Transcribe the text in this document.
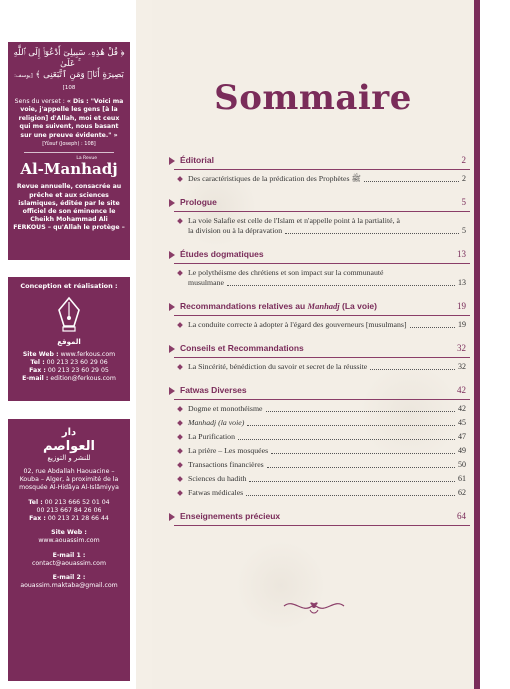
﴿ قُلْ هَٰذِهِۦ سَبِيلِىٓ أَدْعُوٓا۟ إِلَى ٱللَّهِ ۚ عَلَىٰ
بَصِيرَةٍ أَنَا۠ وَمَنِ ٱتَّبَعَنِى ﴾ [يوسف: 108]
Sens du verset : « Dis : "Voici ma voie, j'appelle les gens [à la religion] d'Allah, moi et ceux qui me suivent, nous basant sur une preuve évidente." » [Yûsuf (Joseph) : 108]
La Revue
Al-Manhadj
Revue annuelle, consacrée au prêche et aux sciences islamiques, éditée par le site officiel de son éminence le Cheikh Mohammad Ali FERKOUS – qu'Allah le protège –
Conception et réalisation :
الموقع
Site Web : www.ferkous.com
Tel : 00 213 23 60 29 06
Fax : 00 213 23 60 29 05
E-mail : edition@ferkous.com
دار
العواصم
للنشر و التوزيع
02, rue Abdallah Haouacine – Kouba – Alger, à proximité de la mosquée Al-Hidâya Al-Islâmiyya
Tel : 00 213 666 52 01 04
00 213 667 84 26 06
Fax : 00 213 21 28 66 44
Site Web :
www.aouassim.com
E-mail 1 :
contact@aouassim.com
E-mail 2 :
aouassim.maktaba@gmail.com
Sommaire
Éditorial	2
Des caractéristiques de la prédication des Prophètes ﷺ	2
Prologue	5
La voie Salafie est celle de l'Islam et n'appelle point à la partialité, à
la division ou à la dépravation	5
Études dogmatiques	13
Le polythéisme des chrétiens et son impact sur la communauté
musulmane	13
Recommandations relatives au Manhadj (La voie)	19
La conduite correcte à adopter à l'égard des gouverneurs [musulmans]	19
Conseils et Recommandations	32
La Sincérité, bénédiction du savoir et secret de la réussite	32
Fatwas Diverses	42
Dogme et monothéisme	42
Manhadj (la voie)	45
La Purification	47
La prière – Les mosquées	49
Transactions financières	50
Sciences du hadith	61
Fatwas médicales	62
Enseignements précieux	64
